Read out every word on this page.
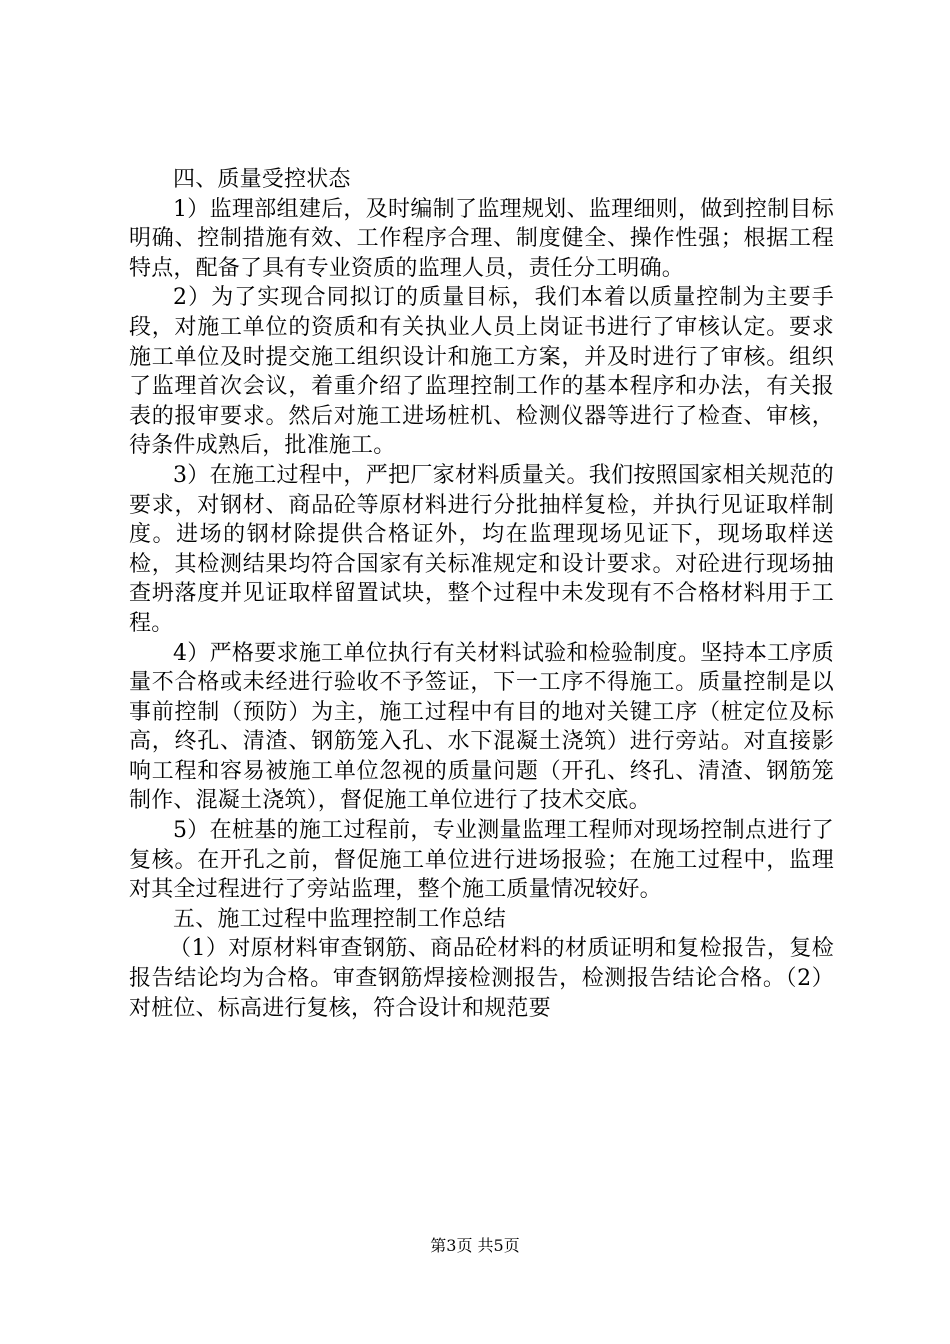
四、质量受控状态

1）监理部组建后，及时编制了监理规划、监理细则，做到控制目标明确、控制措施有效、工作程序合理、制度健全、操作性强；根据工程特点，配备了具有专业资质的监理人员，责任分工明确。

2）为了实现合同拟订的质量目标，我们本着以质量控制为主要手段，对施工单位的资质和有关执业人员上岗证书进行了审核认定。要求施工单位及时提交施工组织设计和施工方案，并及时进行了审核。组织了监理首次会议，着重介绍了监理控制工作的基本程序和办法，有关报表的报审要求。然后对施工进场桩机、检测仪器等进行了检查、审核，待条件成熟后，批准施工。

3）在施工过程中，严把厂家材料质量关。我们按照国家相关规范的要求，对钢材、商品砼等原材料进行分批抽样复检，并执行见证取样制度。进场的钢材除提供合格证外，均在监理现场见证下，现场取样送检，其检测结果均符合国家有关标准规定和设计要求。对砼进行现场抽查坍落度并见证取样留置试块，整个过程中未发现有不合格材料用于工程。

4）严格要求施工单位执行有关材料试验和检验制度。坚持本工序质量不合格或未经进行验收不予签证，下一工序不得施工。质量控制是以事前控制（预防）为主，施工过程中有目的地对关键工序（桩定位及标高，终孔、清渣、钢筋笼入孔、水下混凝土浇筑）进行旁站。对直接影响工程和容易被施工单位忽视的质量问题（开孔、终孔、清渣、钢筋笼制作、混凝土浇筑），督促施工单位进行了技术交底。

5）在桩基的施工过程前，专业测量监理工程师对现场控制点进行了复核。在开孔之前，督促施工单位进行进场报验；在施工过程中，监理对其全过程进行了旁站监理，整个施工质量情况较好。

五、施工过程中监理控制工作总结

（1）对原材料审查钢筋、商品砼材料的材质证明和复检报告，复检报告结论均为合格。审查钢筋焊接检测报告，检测报告结论合格。（2）对桩位、标高进行复核，符合设计和规范要

第3页 共5页
